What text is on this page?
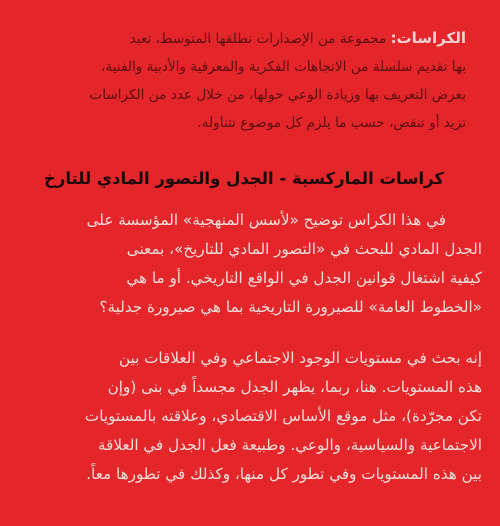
الكراسات: مجموعة من الإصدارات نطلقها المتوسط، تعبد
بها تقديم سلسلة من الاتجاهات الفكرية والمعرفية والأدبية والفنية،
بعرض التعريف بها وزيادة الوعي حولها، من خلال عدد من الكراسات
تزيد أو تنقص، حسب ما يلزم كل موضوع تتناوله.
كراسات الماركسية - الجدل والتصور المادي للتارخ
في هذا الكراس توضيح «لأسس المنهجية» المؤسسة على
الجدل المادي للبحث في «التصور المادي للتاريخ»، بمعنى
كيفية اشتغال قوانين الجدل في الواقع التاريخي. أو ما هي
«الخطوط العامة» للصيرورة التاريخية بما هي صيرورة جدلية؟
إنه بحث في مستويات الوجود الاجتماعي وفي العلاقات بين
هذه المستويات. هنا، ربما، يظهر الجدل مجسداً في بنى (وإن
تكن مجرّدة)، مثل موقع الأساس الاقتصادي، وعلاقته بالمستويات
الاجتماعية والسياسية، والوعي. وطبيعة فعل الجدل في العلاقة
بين هذه المستويات وفي تطور كل منها، وكذلك في تطورها معاً.
